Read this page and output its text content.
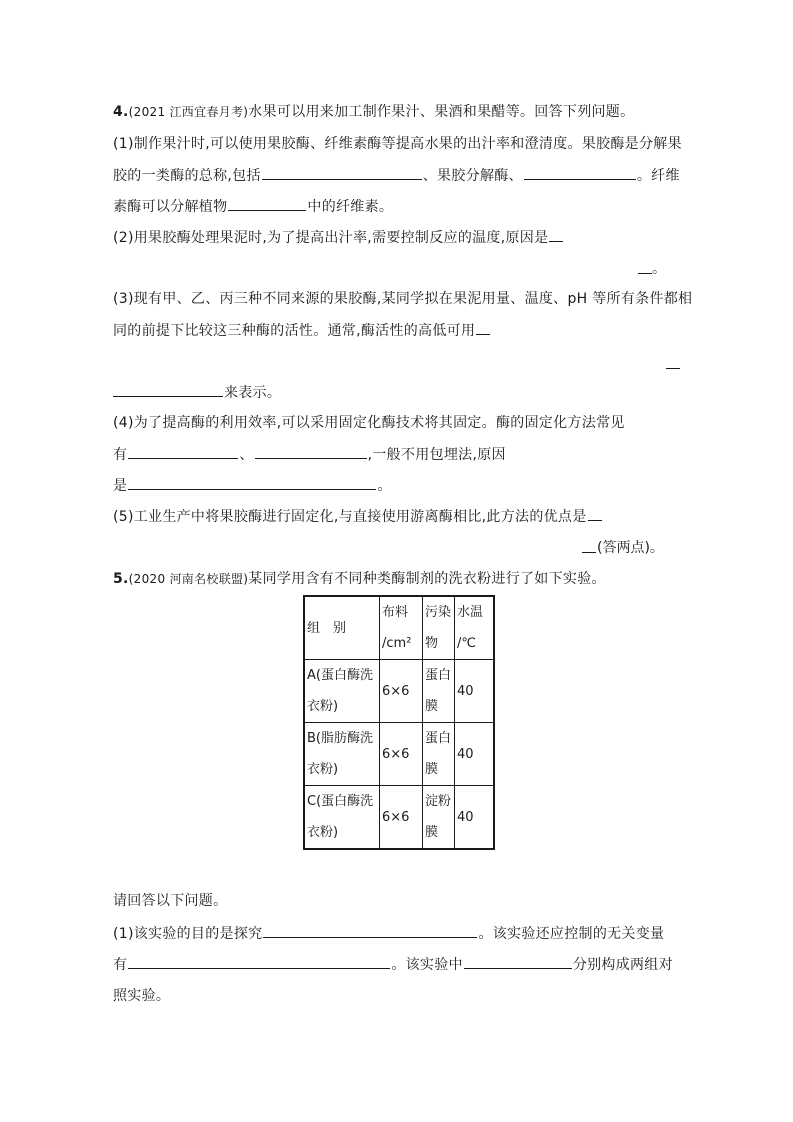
4.(2021 江西宜春月考)水果可以用来加工制作果汁、果酒和果醋等。回答下列问题。
(1)制作果汁时,可以使用果胶酶、纤维素酶等提高水果的出汁率和澄清度。果胶酶是分解果
胶的一类酶的总称,包括	、果胶分解酶、	。纤维
素酶可以分解植物	中的纤维素。
(2)用果胶酶处理果泥时,为了提高出汁率,需要控制反应的温度,原因是
。
(3)现有甲、乙、丙三种不同来源的果胶酶,某同学拟在果泥用量、温度、pH 等所有条件都相
同的前提下比较这三种酶的活性。通常,酶活性的高低可用
来表示。
(4)为了提高酶的利用效率,可以采用固定化酶技术将其固定。酶的固定化方法常见
有	、	,一般不用包埋法,原因
是	。
(5)工业生产中将果胶酶进行固定化,与直接使用游离酶相比,此方法的优点是
(答两点)。
5.(2020 河南名校联盟)某同学用含有不同种类酶制剂的洗衣粉进行了如下实验。
组　别	布料
/cm²	污染
物	水温
/℃

A(蛋白酶洗
衣粉)	6×6	蛋白
膜	40

B(脂肪酶洗
衣粉)	6×6	蛋白
膜	40

C(蛋白酶洗
衣粉)	6×6	淀粉
膜	40
请回答以下问题。
(1)该实验的目的是探究	。该实验还应控制的无关变量
有	。该实验中	分别构成两组对
照实验。
